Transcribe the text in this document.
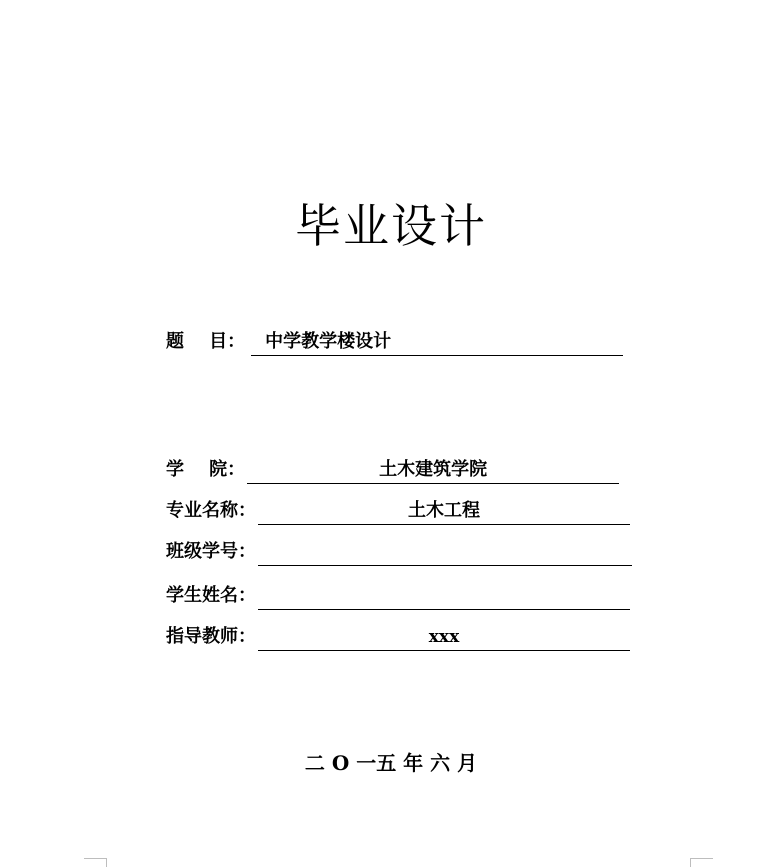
毕业设计
题    目： 中学教学楼设计
学    院：	土木建筑学院
专业名称：	土木工程
班级学号：
学生姓名：
指导教师：	xxx
二 O 一五 年 六 月
